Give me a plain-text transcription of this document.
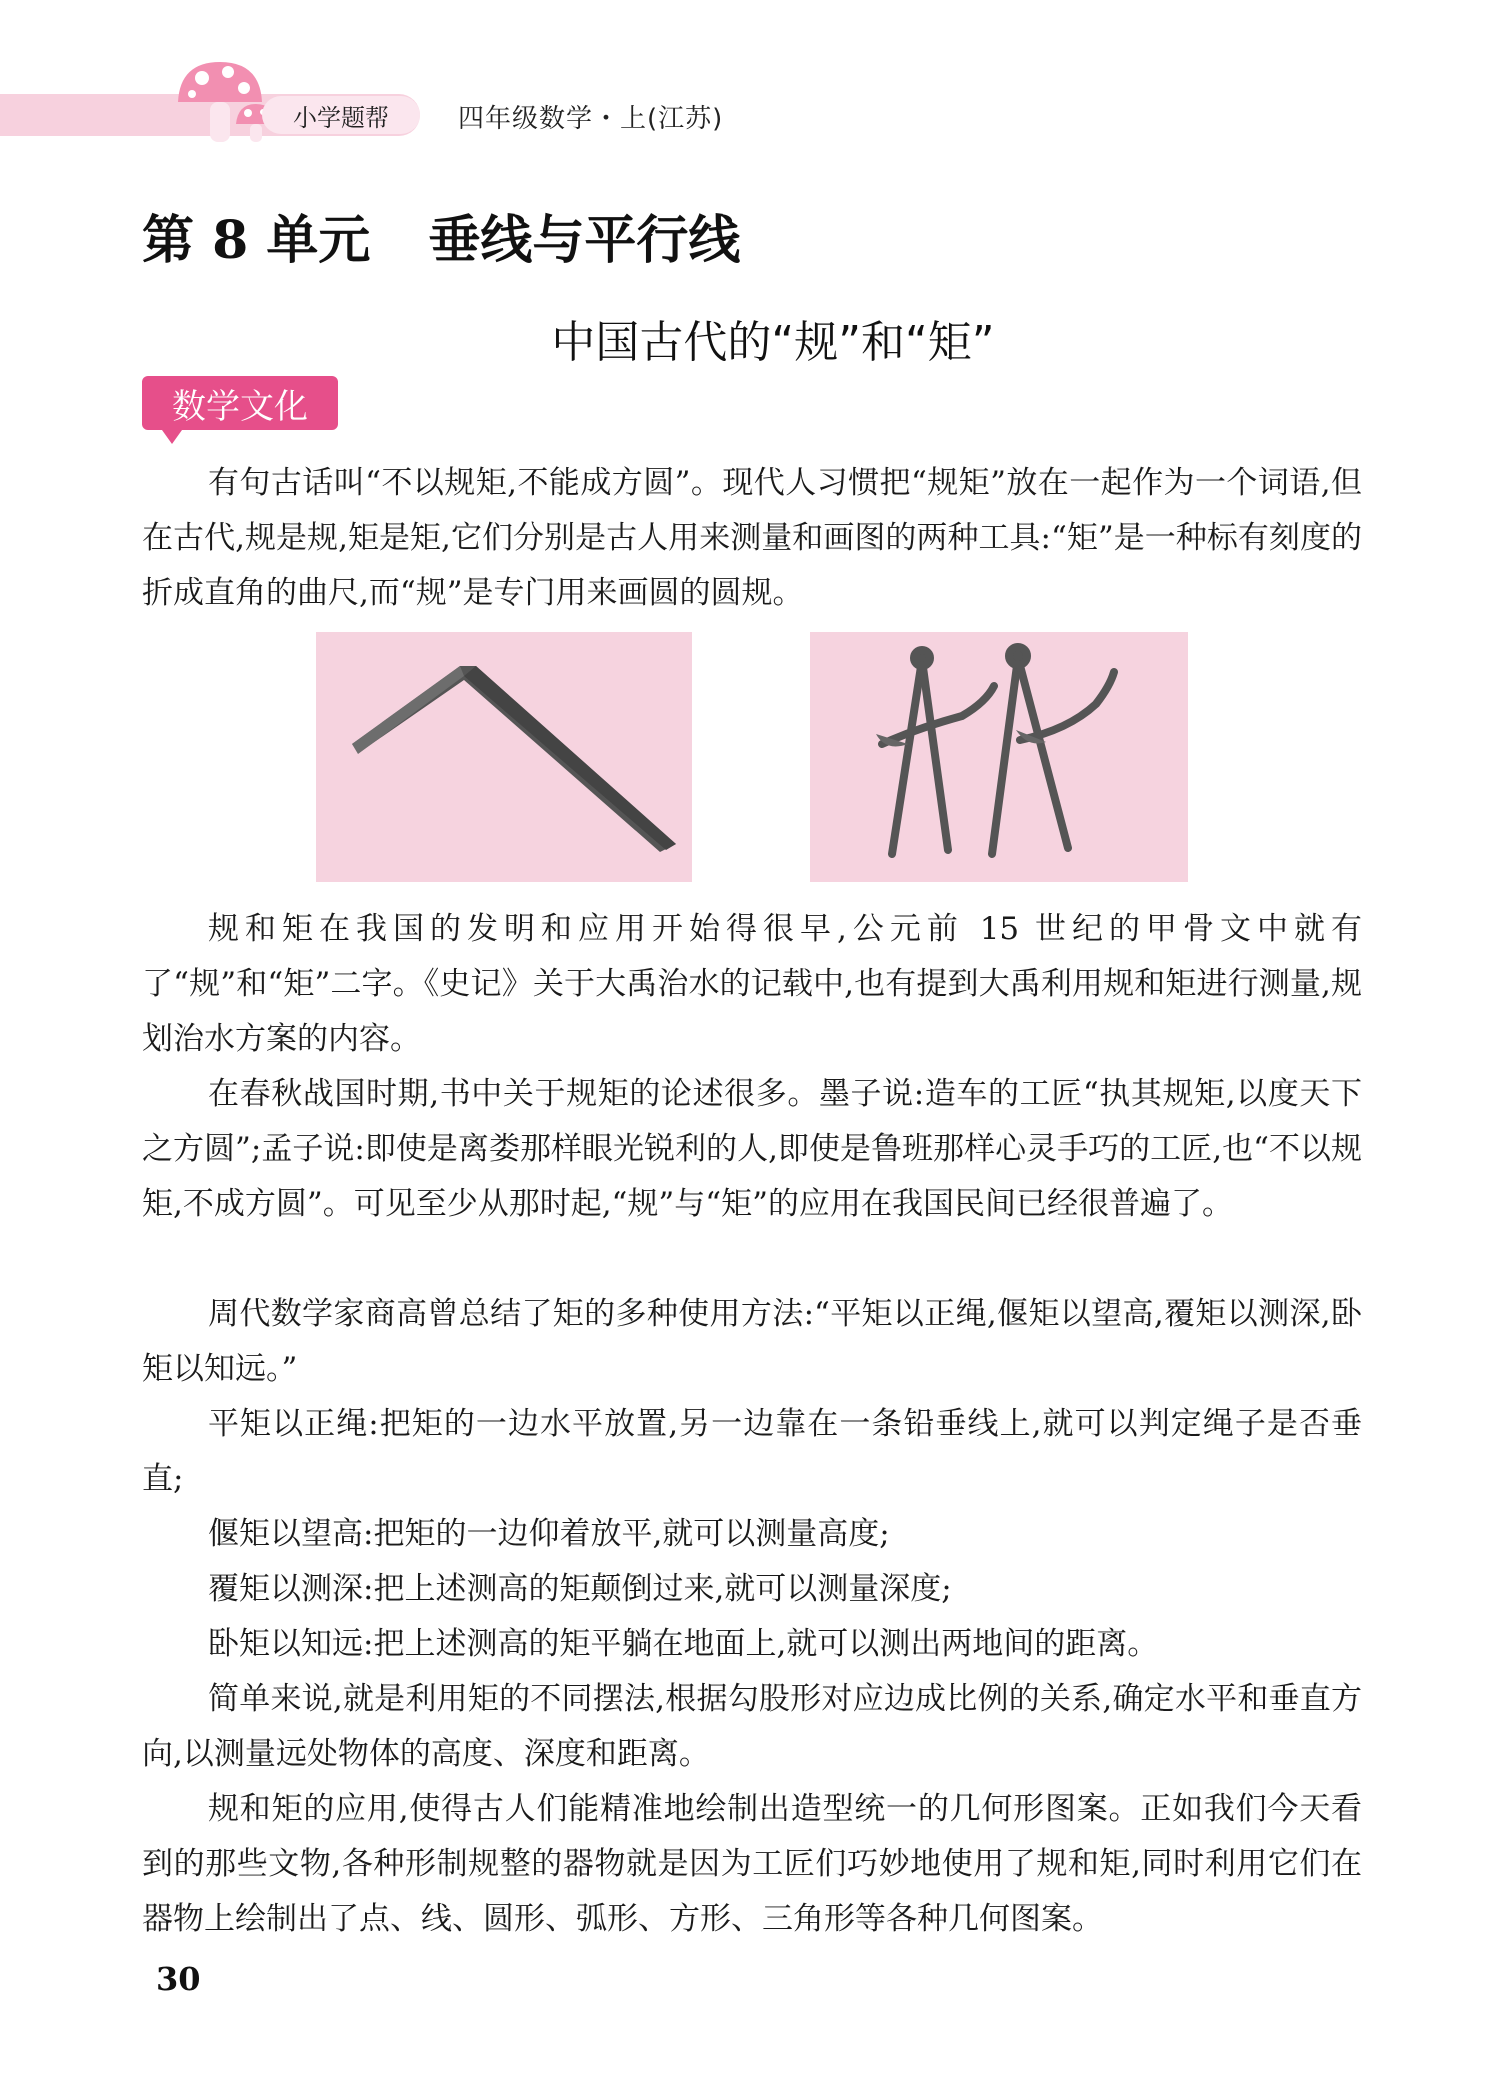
小学题帮	四年级数学・上(江苏)
第 8 单元 垂线与平行线
中国古代的“规”和“矩”
数学文化

有句古话叫“不以规矩,不能成方圆”。现代人习惯把“规矩”放在一起作为一个词语,但在古代,规是规,矩是矩,它们分别是古人用来测量和画图的两种工具:“矩”是一种标有刻度的折成直角的曲尺,而“规”是专门用来画圆的圆规。

规和矩在我国的发明和应用开始得很早,公元前 15 世纪的甲骨文中就有了“规”和“矩”二字。《史记》关于大禹治水的记载中,也有提到大禹利用规和矩进行测量,规划治水方案的内容。

在春秋战国时期,书中关于规矩的论述很多。墨子说:造车的工匠“执其规矩,以度天下之方圆”;孟子说:即使是离娄那样眼光锐利的人,即使是鲁班那样心灵手巧的工匠,也“不以规矩,不成方圆”。可见至少从那时起,“规”与“矩”的应用在我国民间已经很普遍了。

周代数学家商高曾总结了矩的多种使用方法:“平矩以正绳,偃矩以望高,覆矩以测深,卧矩以知远。”

平矩以正绳:把矩的一边水平放置,另一边靠在一条铅垂线上,就可以判定绳子是否垂直;

偃矩以望高:把矩的一边仰着放平,就可以测量高度;

覆矩以测深:把上述测高的矩颠倒过来,就可以测量深度;

卧矩以知远:把上述测高的矩平躺在地面上,就可以测出两地间的距离。

简单来说,就是利用矩的不同摆法,根据勾股形对应边成比例的关系,确定水平和垂直方向,以测量远处物体的高度、深度和距离。

规和矩的应用,使得古人们能精准地绘制出造型统一的几何形图案。正如我们今天看到的那些文物,各种形制规整的器物就是因为工匠们巧妙地使用了规和矩,同时利用它们在器物上绘制出了点、线、圆形、弧形、方形、三角形等各种几何图案。

30
